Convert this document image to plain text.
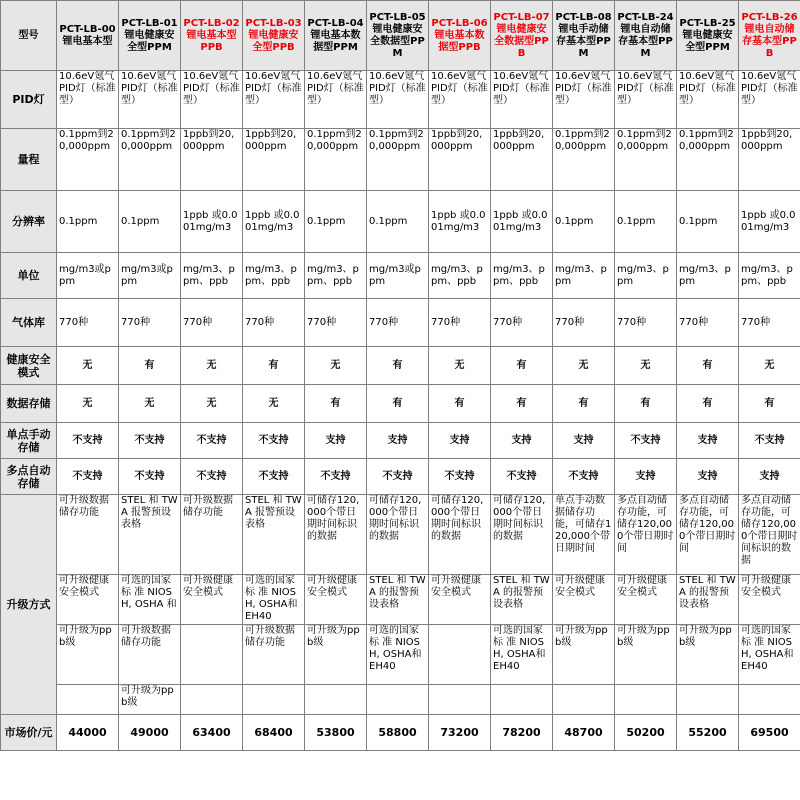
型号	PCT-LB-00 锂电基本型	PCT-LB-01 锂电健康安全型PPM	PCT-LB-02 锂电基本型PPB	PCT-LB-03 锂电健康安全型PPB	PCT-LB-04 锂电基本数据型PPM	PCT-LB-05 锂电健康安全数据型PPM	PCT-LB-06 锂电基本数据型PPB	PCT-LB-07 锂电健康安全数据型PPB	PCT-LB-08 锂电手动储存基本型PPM	PCT-LB-24 锂电自动储存基本型PPM	PCT-LB-25 锂电健康安全型PPM	PCT-LB-26 锂电自动储存基本型PPB
PID灯	10.6eV氪气PID灯（标准型）	10.6eV氪气PID灯（标准型）	10.6eV氪气PID灯（标准型）	10.6eV氪气PID灯（标准型）	10.6eV氪气PID灯（标准型）	10.6eV氪气PID灯（标准型）	10.6eV氪气PID灯（标准型）	10.6eV氪气PID灯（标准型）	10.6eV氪气PID灯（标准型）	10.6eV氪气PID灯（标准型）	10.6eV氪气PID灯（标准型）	10.6eV氪气PID灯（标准型）
量程	0.1ppm到20,000ppm	0.1ppm到20,000ppm	1ppb到20,000ppm	1ppb到20,000ppm	0.1ppm到20,000ppm	0.1ppm到20,000ppm	1ppb到20,000ppm	1ppb到20,000ppm	0.1ppm到20,000ppm	0.1ppm到20,000ppm	0.1ppm到20,000ppm	1ppb到20,000ppm
分辨率	0.1ppm	0.1ppm	1ppb 或0.001mg/m3	1ppb 或0.001mg/m3	0.1ppm	0.1ppm	1ppb 或0.001mg/m3	1ppb 或0.001mg/m3	0.1ppm	0.1ppm	0.1ppm	1ppb 或0.001mg/m3
单位	mg/m3或ppm	mg/m3或ppm	mg/m3、ppm、ppb	mg/m3、ppm、ppb	mg/m3、ppm、ppb	mg/m3或ppm	mg/m3、ppm、ppb	mg/m3、ppm、ppb	mg/m3、ppm	mg/m3、ppm	mg/m3、ppm	mg/m3、ppm、ppb
气体库	770种	770种	770种	770种	770种	770种	770种	770种	770种	770种	770种	770种
健康安全模式	无	有	无	有	无	有	无	有	无	无	有	无
数据存储	无	无	无	无	有	有	有	有	有	有	有	有
单点手动存储	不支持	不支持	不支持	不支持	支持	支持	支持	支持	支持	不支持	支持	不支持
多点自动存储	不支持	不支持	不支持	不支持	不支持	不支持	不支持	不支持	不支持	支持	支持	支持
升级方式	可升级数据储存功能	STEL 和 TWA 报警预设表格	可升级数据储存功能	STEL 和 TWA 报警预设表格	可储存120,000个带日期时间标识的数据	可储存120,000个带日期时间标识的数据	可储存120,000个带日期时间标识的数据	可储存120,000个带日期时间标识的数据	单点手动数据储存功能，可储存120,000个带日期时间	多点自动储存功能，可储存120,000个带日期时间	多点自动储存功能，可储存120,000个带日期时间	多点自动储存功能，可储存120,000个带日期时间标识的数据
	可升级健康安全模式	可选的国家标 准 NIOSH, OSHA 和	可升级健康安全模式	可选的国家标 准 NIOSH, OSHA和EH40	可升级健康安全模式	STEL 和 TWA 的报警预设表格	可升级健康安全模式	STEL 和 TWA 的报警预设表格	可升级健康安全模式	可升级健康安全模式	STEL 和 TWA 的报警预设表格	可升级健康安全模式
	可升级为ppb级	可升级数据储存功能		可升级数据储存功能	可升级为ppb级	可选的国家标 准 NIOSH, OSHA和EH40		可选的国家标 准 NIOSH, OSHA和EH40	可升级为ppb级	可升级为ppb级	可升级为ppb级	可选的国家标 准 NIOSH, OSHA和EH40
		可升级为ppb级										
市场价/元	44000	49000	63400	68400	53800	58800	73200	78200	48700	50200	55200	69500
